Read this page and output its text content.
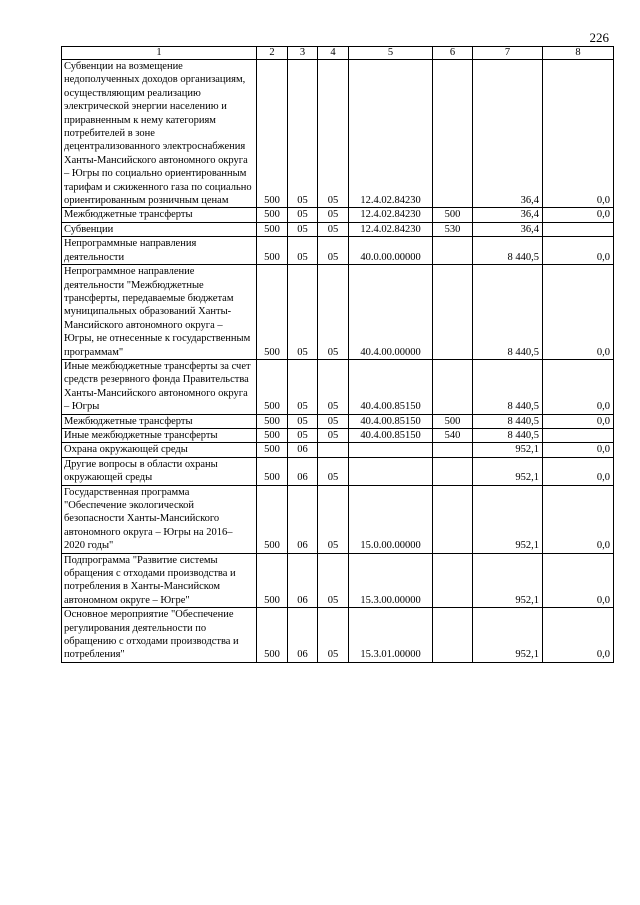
226
1	2	3	4	5	6	7	8
Субвенции на возмещение недополученных доходов организациям, осуществляющим реализацию электрической энергии населению и приравненным к нему категориям потребителей в зоне децентрализованного электроснабжения Ханты-Мансийского автономного округа – Югры по социально ориентированным тарифам и сжиженного газа по социально ориентированным розничным ценам	500	05	05	12.4.02.84230		36,4	0,0
Межбюджетные трансферты	500	05	05	12.4.02.84230	500	36,4	0,0
Субвенции	500	05	05	12.4.02.84230	530	36,4	
Непрограммные направления деятельности	500	05	05	40.0.00.00000		8 440,5	0,0
Непрограммное направление деятельности "Межбюджетные трансферты, передаваемые бюджетам муниципальных образований Ханты-Мансийского автономного округа – Югры, не отнесенные к государственным программам"	500	05	05	40.4.00.00000		8 440,5	0,0
Иные межбюджетные трансферты за счет средств резервного фонда Правительства Ханты-Мансийского автономного округа – Югры	500	05	05	40.4.00.85150		8 440,5	0,0
Межбюджетные трансферты	500	05	05	40.4.00.85150	500	8 440,5	0,0
Иные межбюджетные трансферты	500	05	05	40.4.00.85150	540	8 440,5	
Охрана окружающей среды	500	06				952,1	0,0
Другие вопросы в области охраны окружающей среды	500	06	05			952,1	0,0
Государственная программа "Обеспечение экологической безопасности Ханты-Мансийского автономного округа – Югры на 2016–2020 годы"	500	06	05	15.0.00.00000		952,1	0,0
Подпрограмма "Развитие системы обращения с отходами производства и потребления в Ханты-Мансийском автономном округе – Югре"	500	06	05	15.3.00.00000		952,1	0,0
Основное мероприятие "Обеспечение регулирования деятельности по обращению с отходами производства и потребления"	500	06	05	15.3.01.00000		952,1	0,0
